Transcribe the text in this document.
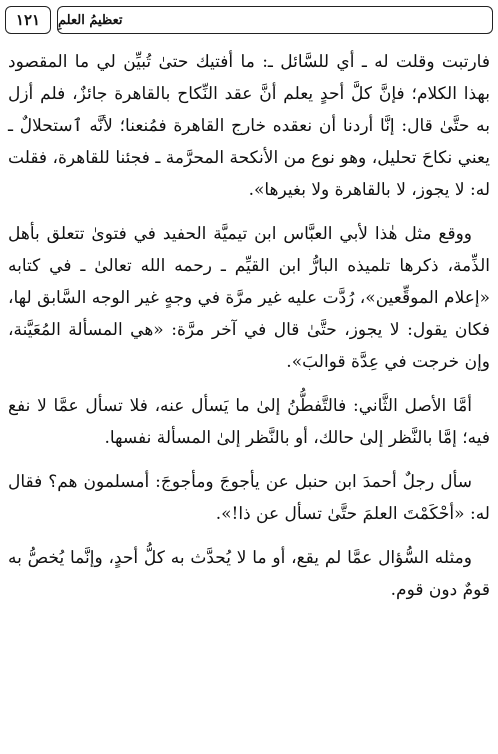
١٢١ تعظيمُ العلمِ

فارتبت وقلت له ـ أي للسَّائل ـ: ما أفتيك حتىٰ تُبيِّن لي ما المقصود بهذا الكلام؛ فإنَّ كلَّ أحدٍ يعلم أنَّ عقد النِّكاح بالقاهرة جائزٌ، فلم أزل به حتَّىٰ قال: إنَّا أردنا أن نعقده خارج القاهرة فمُنعنا؛ لأنَّه ٱستحلالٌ ـ يعني نكاحَ تحليل، وهو نوع من الأنكحة المحرَّمة ـ فجئنا للقاهرة، فقلت له: لا يجوز، لا بالقاهرة ولا بغيرها».

ووقع مثل هٰذا لأبي العبَّاس ابن تيميَّة الحفيد في فتوىٰ تتعلق بأهل الذِّمة، ذكرها تلميذه البارُّ ابن القيِّم ـ رحمه الله تعالىٰ ـ في كتابه «إعلام الموقِّعين»، رُدَّت عليه غير مرَّة في وجهٍ غير الوجه السَّابق لها، فكان يقول: لا يجوز، حتَّىٰ قال في آخر مرَّة: «هي المسألة المُعَيَّنة، وإن خرجت في عِدَّة قوالبَ».

أمَّا الأصل الثَّاني: فالتَّفطُّنُ إلىٰ ما يَسأل عنه، فلا تسأل عمَّا لا نفع فيه؛ إمَّا بالنَّظر إلىٰ حالك، أو بالنَّظر إلىٰ المسألة نفسها.

سأل رجلٌ أحمدَ ابن حنبل عن يأجوجَ ومأجوجَ: أمسلمون هم؟ فقال له: «أحْكَمْتَ العلمَ حتَّىٰ تسأل عن ذا!».

ومثله السُّؤال عمَّا لم يقع، أو ما لا يُحدَّث به كلُّ أحدٍ، وإنَّما يُخصُّ به قومٌ دون قوم.
